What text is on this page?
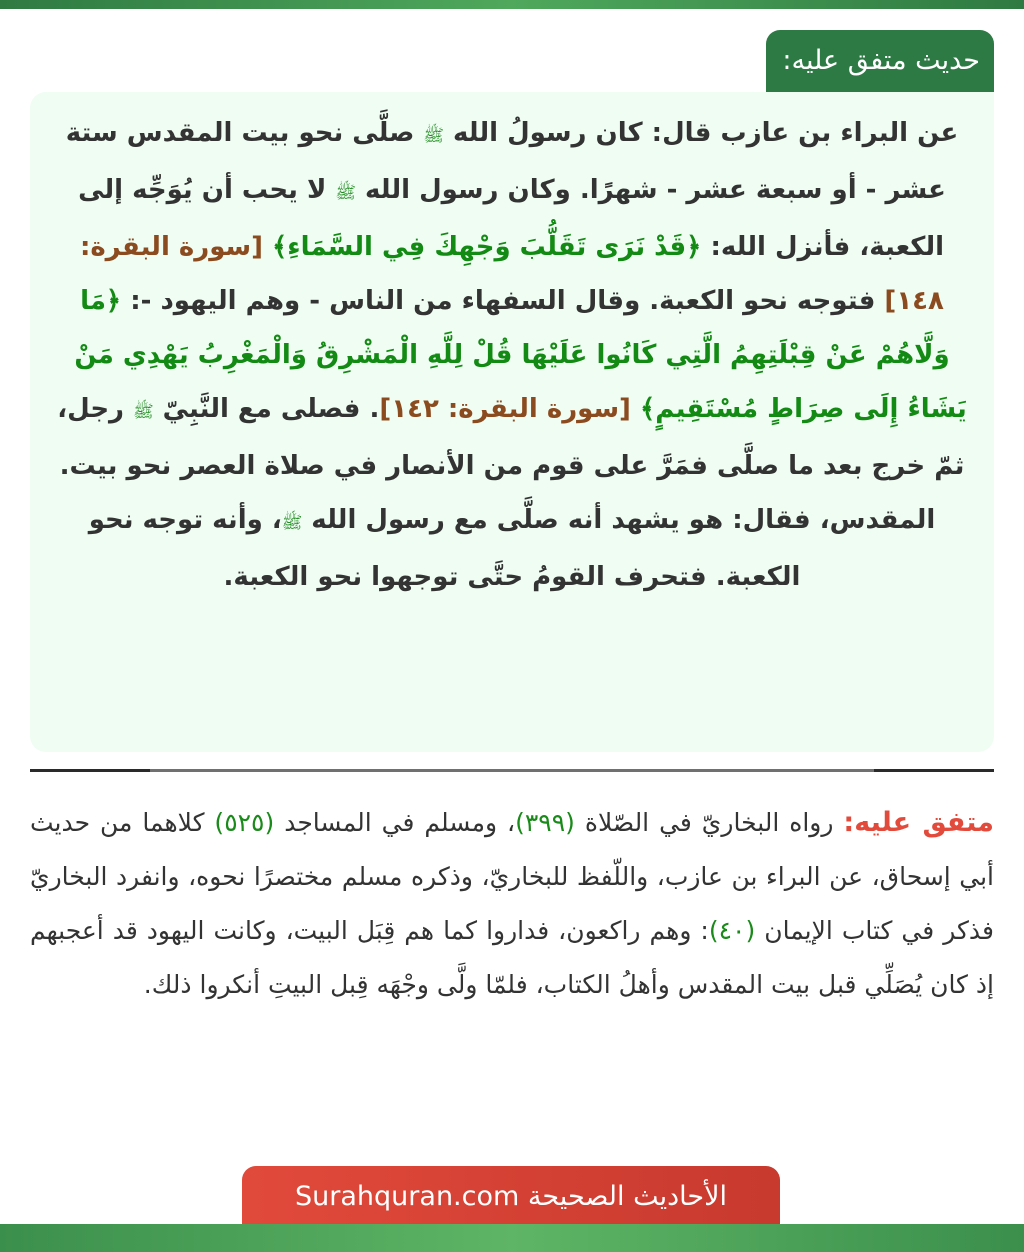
حديث متفق عليه:
عن البراء بن عازب قال: كان رسولُ الله ﷺ صلَّى نحو بيت المقدس ستة عشر - أو سبعة عشر - شهرًا. وكان رسول الله ﷺ لا يحب أن يُوَجِّه إلى الكعبة، فأنزل الله: ﴿قَدْ نَرَى تَقَلُّبَ وَجْهِكَ فِي السَّمَاءِ﴾ [سورة البقرة: ١٤٨] فتوجه نحو الكعبة. وقال السفهاء من الناس - وهم اليهود -: ﴿مَا وَلَّاهُمْ عَنْ قِبْلَتِهِمُ الَّتِي كَانُوا عَلَيْهَا قُلْ لِلَّهِ الْمَشْرِقُ وَالْمَغْرِبُ يَهْدِي مَنْ يَشَاءُ إِلَى صِرَاطٍ مُسْتَقِيمٍ﴾ [سورة البقرة: ١٤٢]. فصلى مع النَّبِيّ ﷺ رجل، ثمّ خرج بعد ما صلَّى فمَرَّ على قوم من الأنصار في صلاة العصر نحو بيت.
المقدس، فقال: هو يشهد أنه صلَّى مع رسول الله ﷺ، وأنه توجه نحو الكعبة. فتحرف القومُ حتَّى توجهوا نحو الكعبة.
متفق عليه: رواه البخاريّ في الصّلاة (٣٩٩)، ومسلم في المساجد (٥٢٥) كلاهما من حديث أبي إسحاق، عن البراء بن عازب، واللّفظ للبخاريّ، وذكره مسلم مختصرًا نحوه، وانفرد البخاريّ فذكر في كتاب الإيمان (٤٠): وهم راكعون، فداروا كما هم قِبَل البيت، وكانت اليهود قد أعجبهم إذ كان يُصَلِّي قبل بيت المقدس وأهلُ الكتاب، فلمّا ولَّى وجْهَه قِبل البيتِ أنكروا ذلك.
الأحاديث الصحيحة Surahquran.com
